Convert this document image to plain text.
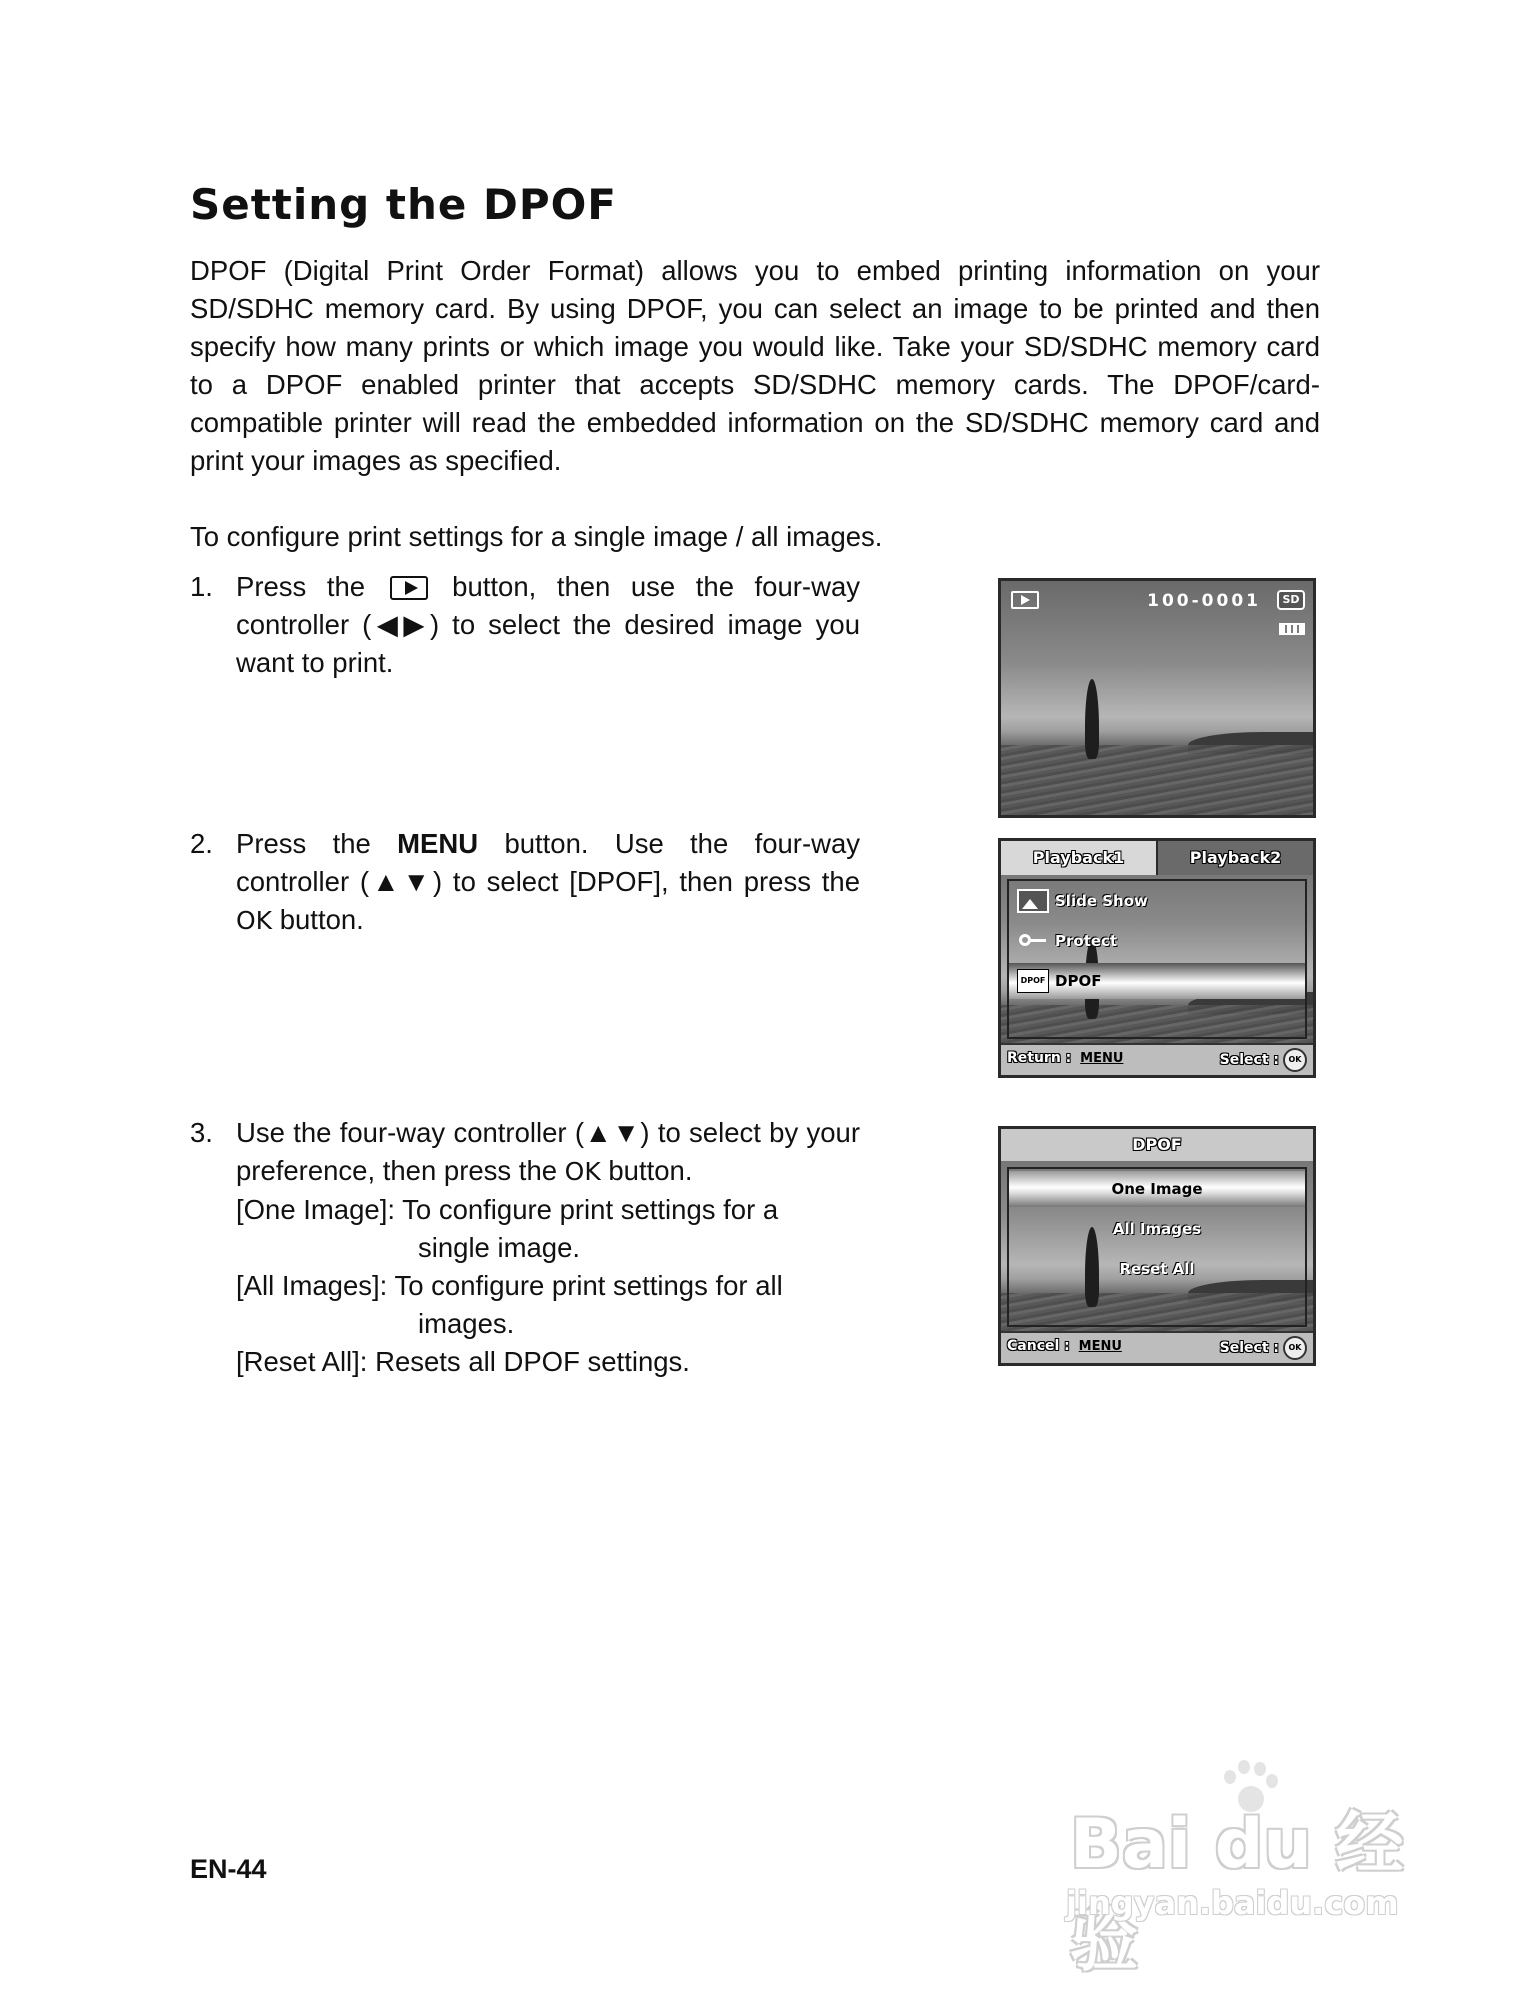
Setting the DPOF

DPOF (Digital Print Order Format) allows you to embed printing information on your SD/SDHC memory card. By using DPOF, you can select an image to be printed and then specify how many prints or which image you would like. Take your SD/SDHC memory card to a DPOF enabled printer that accepts SD/SDHC memory cards. The DPOF/card-compatible printer will read the embedded information on the SD/SDHC memory card and print your images as specified.

To configure print settings for a single image / all images.

1. Press the	button, then use the four-way controller (◀▶) to select the desired image you want to print.
2. Press the MENU button. Use the four-way controller (▲▼) to select [DPOF], then press the OK button.
3. Use the four-way controller (▲▼) to select by your preference, then press the OK button.
[One Image]: To configure print settings for a
single image.
[All Images]: To configure print settings for all
images.
[Reset All]: Resets all DPOF settings.
100-0001	SD
Playback1	Playback2
Slide Show
Protect
DPOF DPOF
Return : MENU	Select :	OK
DPOF
One Image
All Images
Reset All
Cancel : MENU	Select :	OK

EN-44	Bai du 经验
jingyan.baidu.com
